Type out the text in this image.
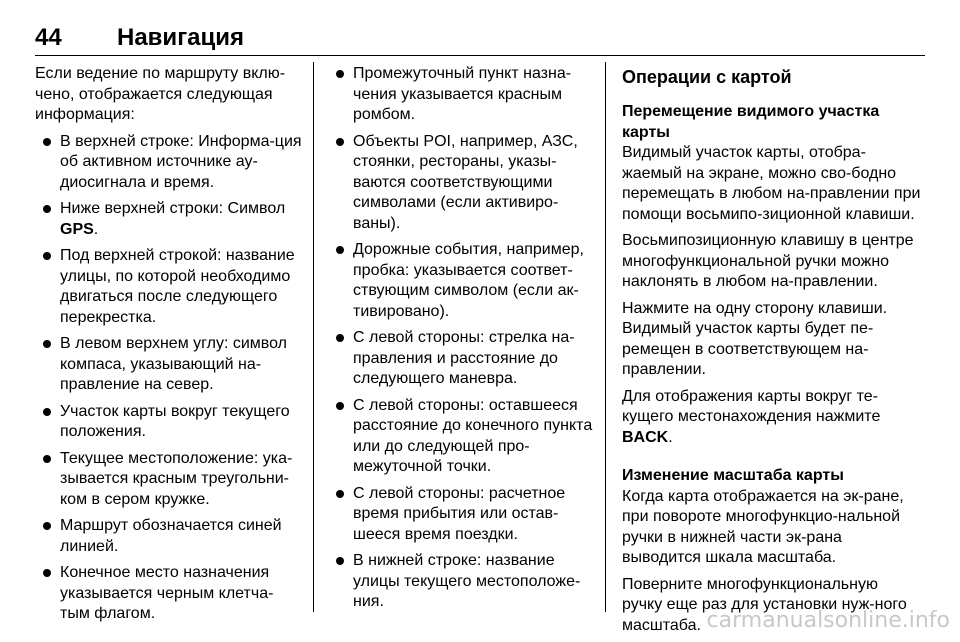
44 Навигация

Если ведение по маршруту вклю-чено, отображается следующая информация:

В верхней строке: Информа-ция об активном источнике ау-диосигнала и время.
Ниже верхней строки: Символ GPS.
Под верхней строкой: название улицы, по которой необходимо двигаться после следующего перекрестка.
В левом верхнем углу: символ компаса, указывающий на-правление на север.
Участок карты вокруг текущего положения.
Текущее местоположение: ука-зывается красным треугольни-ком в сером кружке.
Маршрут обозначается синей линией.
Конечное место назначения указывается черным клетча-тым флагом.
Промежуточный пункт назна-чения указывается красным ромбом.
Объекты POI, например, АЗС, стоянки, рестораны, указы-ваются соответствующими символами (если активиро-ваны).
Дорожные события, например, пробка: указывается соответ-ствующим символом (если ак-тивировано).
С левой стороны: стрелка на-правления и расстояние до следующего маневра.
С левой стороны: оставшееся расстояние до конечного пункта или до следующей про-межуточной точки.
С левой стороны: расчетное время прибытия или остав-шееся время поездки.
В нижней строке: название улицы текущего местоположе-ния.
Операции с картой
Перемещение видимого участка карты

Видимый участок карты, отобра-жаемый на экране, можно сво-бодно перемещать в любом на-правлении при помощи восьмипо-зиционной клавиши.

Восьмипозиционную клавишу в центре многофункциональной ручки можно наклонять в любом на-правлении.

Нажмите на одну сторону клавиши. Видимый участок карты будет пе-ремещен в соответствующем на-правлении.

Для отображения карты вокруг те-кущего местонахождения нажмите BACK.

Изменение масштаба карты

Когда карта отображается на эк-ране, при повороте многофункцио-нальной ручки в нижней части эк-рана выводится шкала масштаба.

Поверните многофункциональную ручку еще раз для установки нуж-ного масштаба. carmanualsonline.info
